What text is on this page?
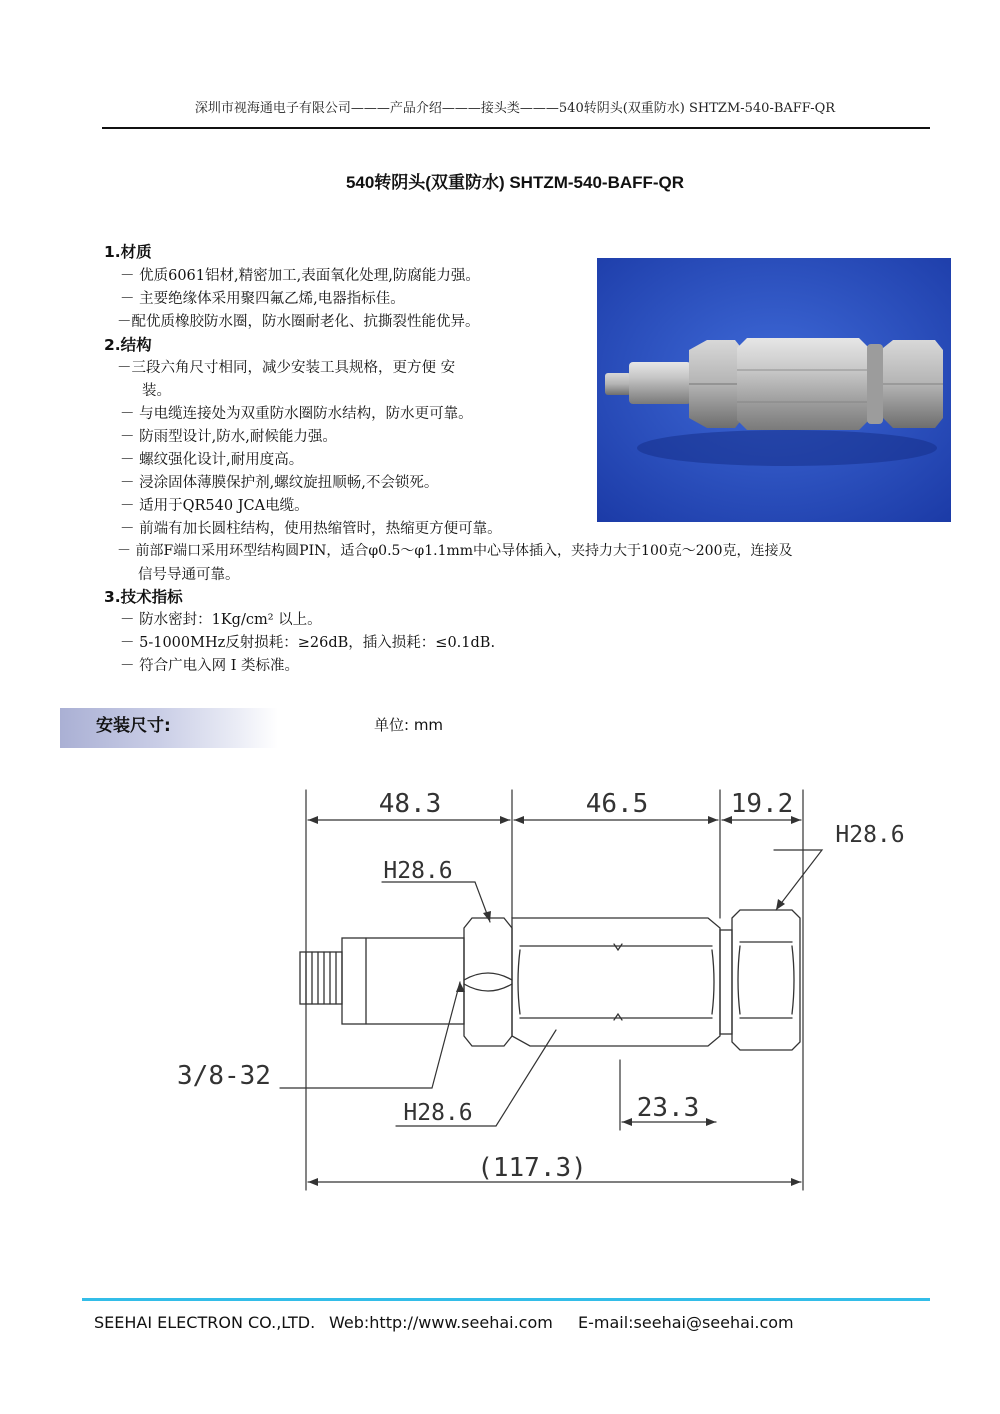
深圳市视海通电子有限公司———产品介绍———接头类———540转阴头(双重防水) SHTZM-540-BAFF-QR
540转阴头(双重防水) SHTZM-540-BAFF-QR
1.材质
－ 优质6061铝材,精密加工,表面氧化处理,防腐能力强。
－ 主要绝缘体采用聚四氟乙烯,电器指标佳。
－配优质橡胶防水圈，防水圈耐老化、抗撕裂性能优异。
2.结构
－三段六角尺寸相同，减少安装工具规格，更方便 安
装。
－ 与电缆连接处为双重防水圈防水结构，防水更可靠。
－ 防雨型设计,防水,耐候能力强。
－ 螺纹强化设计,耐用度高。
－ 浸涂固体薄膜保护剂,螺纹旋扭顺畅,不会锁死。
－ 适用于QR540 JCA电缆。
－ 前端有加长圆柱结构，使用热缩管时，热缩更方便可靠。
－ 前部F端口采用环型结构圆PIN，适合φ0.5～φ1.1mm中心导体插入，夹持力大于100克～200克，连接及
信号导通可靠。
3.技术指标
－ 防水密封：1Kg/cm² 以上。
－ 5-1000MHz反射损耗：≥26dB，插入损耗：≤0.1dB.
－ 符合广电入网 I 类标准。
安装尺寸:	单位: mm
48.3	46.5	19.2
H28.6
H28.6
3/8-32
H28.6	23.3
(117.3)
SEEHAI ELECTRON CO.,LTD. Web:http://www.seehai.com E-mail:seehai@seehai.com
